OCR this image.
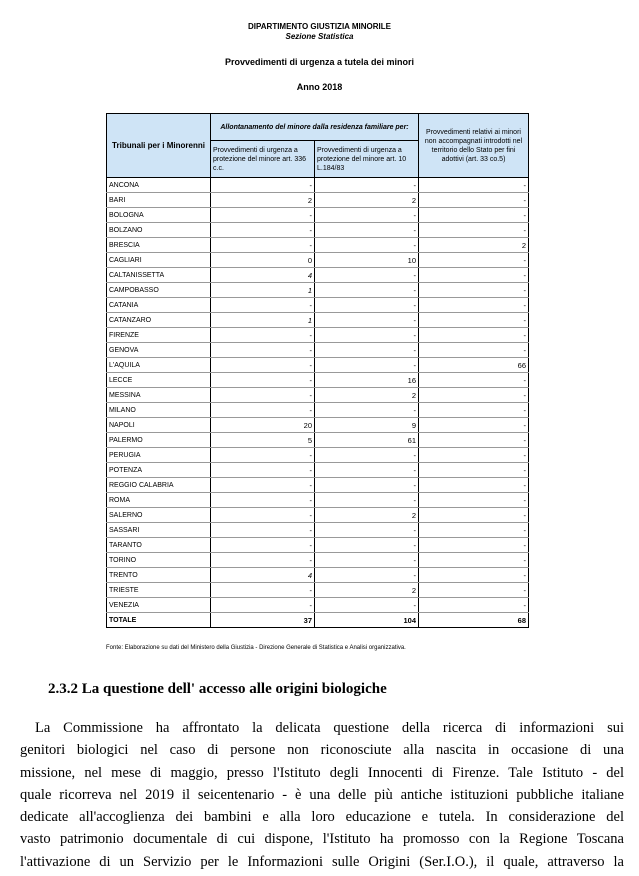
DIPARTIMENTO GIUSTIZIA MINORILE
Sezione Statistica
Provvedimenti di urgenza a tutela dei minori
Anno 2018
Tribunali per i Minorenni	Allontanamento del minore dalla residenza familiare per:		Provvedimenti relativi ai minori non accompagnati introdotti nel territorio dello Stato per fini adottivi (art. 33 co.5)
	Provvedimenti di urgenza a protezione del minore art. 336 c.c.	Provvedimenti di urgenza a protezione del minore art. 10 L.184/83	
ANCONA	-	-	-
BARI	2	2	-
BOLOGNA	-	-	-
BOLZANO	-	-	-
BRESCIA	-	-	2
CAGLIARI	0	10	-
CALTANISSETTA	4	-	-
CAMPOBASSO	1	-	-
CATANIA	-	-	-
CATANZARO	1	-	-
FIRENZE	-	-	-
GENOVA	-	-	-
L'AQUILA	-	-	66
LECCE	-	16	-
MESSINA	-	2	-
MILANO	-	-	-
NAPOLI	20	9	-
PALERMO	5	61	-
PERUGIA	-	-	-
POTENZA	-	-	-
REGGIO CALABRIA	-	-	-
ROMA	-	-	-
SALERNO	-	2	-
SASSARI	-	-	-
TARANTO	-	-	-
TORINO	-	-	-
TRENTO	4	-	-
TRIESTE	-	2	-
VENEZIA	-	-	-
TOTALE	37	104	68
Fonte: Elaborazione su dati del Ministero della Giustizia - Direzione Generale di Statistica e Analisi organizzativa.
2.3.2 La questione dell' accesso alle origini biologiche
La Commissione ha affrontato la delicata questione della ricerca di informazioni sui
genitori biologici nel caso di persone non riconosciute alla nascita in occasione di una
missione, nel mese di maggio, presso l'Istituto degli Innocenti di Firenze. Tale Istituto - del
quale ricorreva nel 2019 il seicentenario - è una delle più antiche istituzioni pubbliche italiane
dedicate all'accoglienza dei bambini e alla loro educazione e tutela. In considerazione del
vasto patrimonio documentale di cui dispone, l'Istituto ha promosso con la Regione Toscana
l'attivazione di un Servizio per le Informazioni sulle Origini (Ser.I.O.), il quale, attraverso la
